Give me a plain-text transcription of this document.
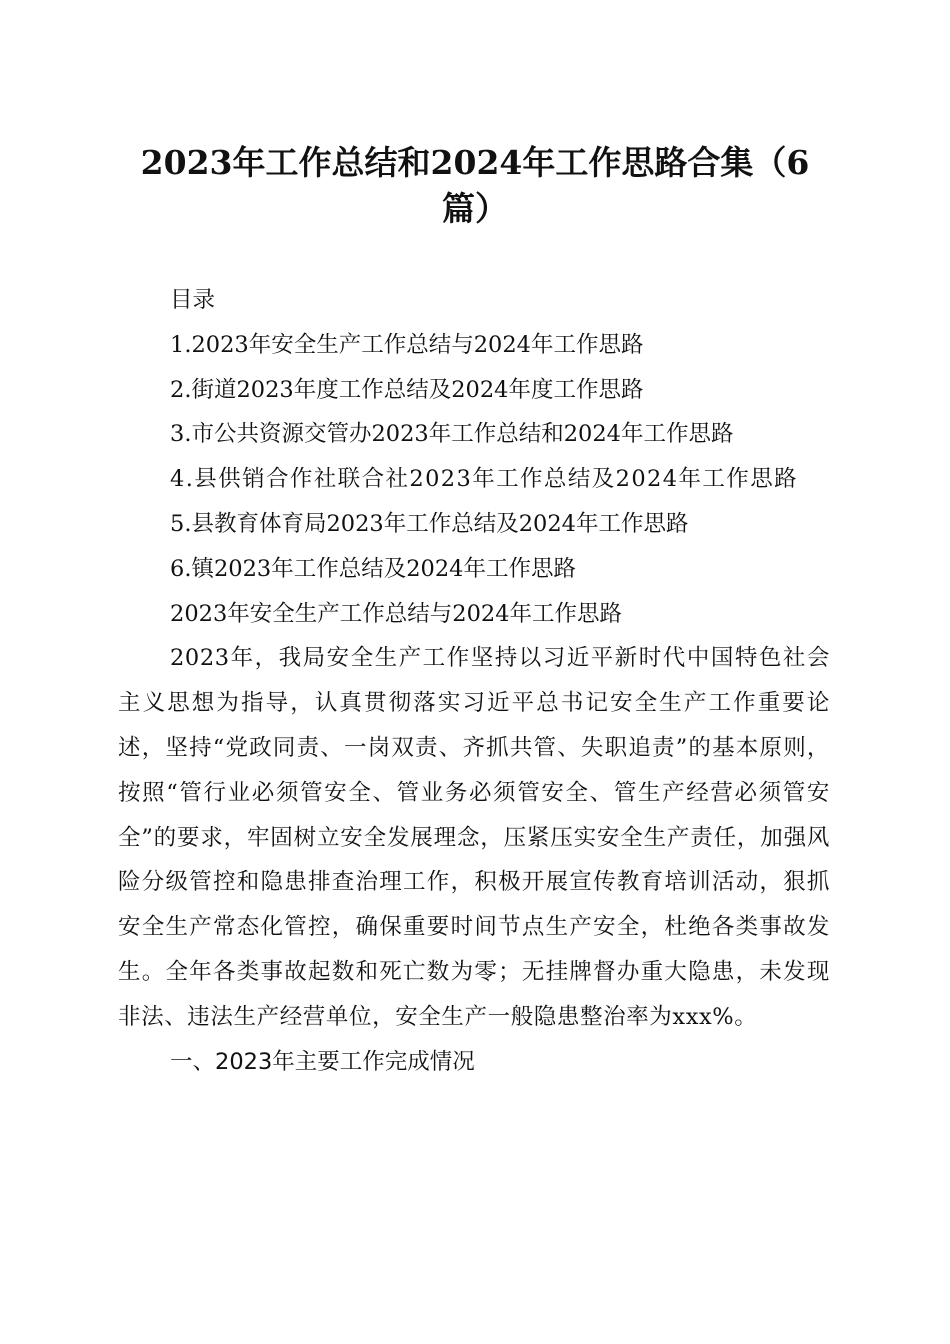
2023年工作总结和2024年工作思路合集（6篇）

目录

1.2023年安全生产工作总结与2024年工作思路

2.街道2023年度工作总结及2024年度工作思路

3.市公共资源交管办2023年工作总结和2024年工作思路

4.县供销合作社联合社2023年工作总结及2024年工作思路

5.县教育体育局2023年工作总结及2024年工作思路

6.镇2023年工作总结及2024年工作思路

2023年安全生产工作总结与2024年工作思路

2023年，我局安全生产工作坚持以习近平新时代中国特色社会主义思想为指导，认真贯彻落实习近平总书记安全生产工作重要论述，坚持“党政同责、一岗双责、齐抓共管、失职追责”的基本原则，按照“管行业必须管安全、管业务必须管安全、管生产经营必须管安全”的要求，牢固树立安全发展理念，压紧压实安全生产责任，加强风险分级管控和隐患排查治理工作，积极开展宣传教育培训活动，狠抓安全生产常态化管控，确保重要时间节点生产安全，杜绝各类事故发生。全年各类事故起数和死亡数为零；无挂牌督办重大隐患，未发现非法、违法生产经营单位，安全生产一般隐患整治率为xxx%。

一、2023年主要工作完成情况
